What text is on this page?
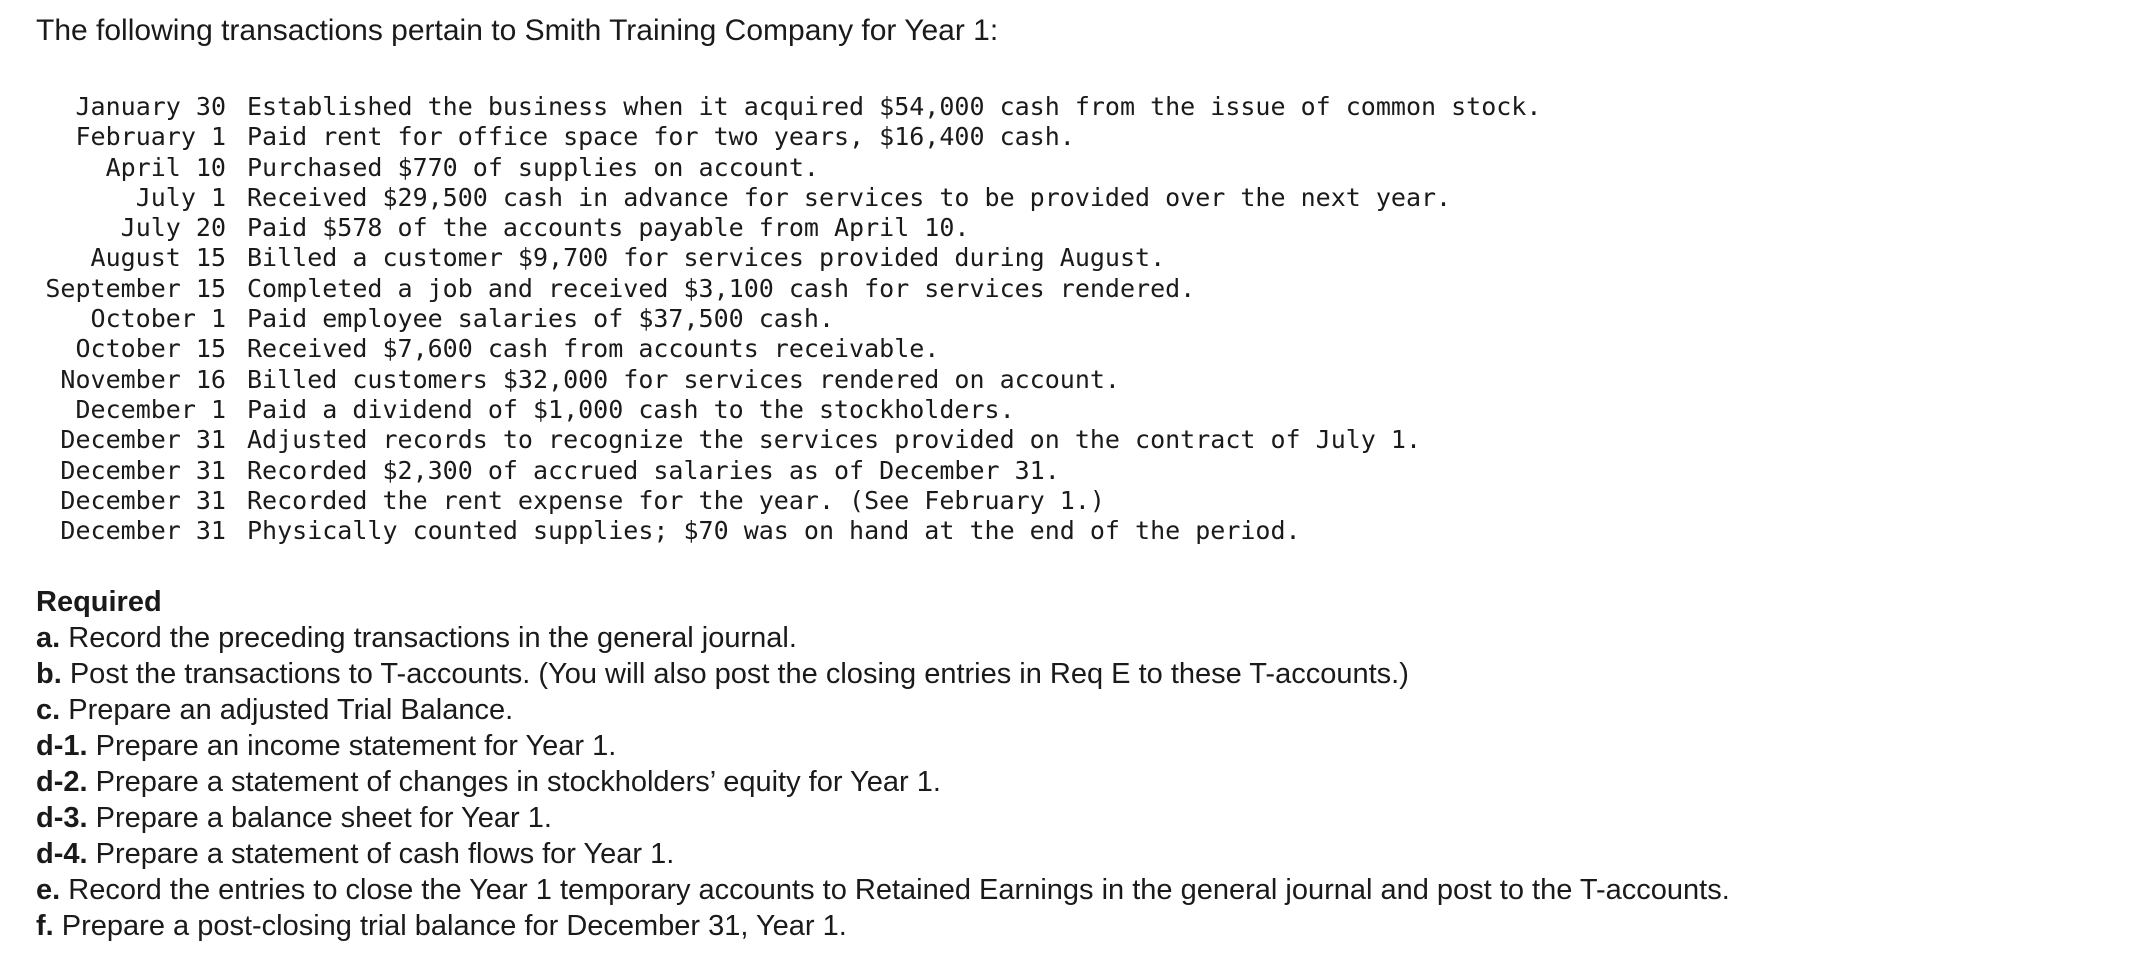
The following transactions pertain to Smith Training Company for Year 1:

January 30 Established the business when it acquired $54,000 cash from the issue of common stock.
February 1 Paid rent for office space for two years, $16,400 cash.
April 10 Purchased $770 of supplies on account.
July 1 Received $29,500 cash in advance for services to be provided over the next year.
July 20 Paid $578 of the accounts payable from April 10.
August 15 Billed a customer $9,700 for services provided during August.
September 15 Completed a job and received $3,100 cash for services rendered.
October 1 Paid employee salaries of $37,500 cash.
October 15 Received $7,600 cash from accounts receivable.
November 16 Billed customers $32,000 for services rendered on account.
December 1 Paid a dividend of $1,000 cash to the stockholders.
December 31 Adjusted records to recognize the services provided on the contract of July 1.
December 31 Recorded $2,300 of accrued salaries as of December 31.
December 31 Recorded the rent expense for the year. (See February 1.)
December 31 Physically counted supplies; $70 was on hand at the end of the period.
Required
a. Record the preceding transactions in the general journal.
b. Post the transactions to T-accounts. (You will also post the closing entries in Req E to these T-accounts.)
c. Prepare an adjusted Trial Balance.
d-1. Prepare an income statement for Year 1.
d-2. Prepare a statement of changes in stockholders’ equity for Year 1.
d-3. Prepare a balance sheet for Year 1.
d-4. Prepare a statement of cash flows for Year 1.
e. Record the entries to close the Year 1 temporary accounts to Retained Earnings in the general journal and post to the T-accounts.
f. Prepare a post-closing trial balance for December 31, Year 1.
